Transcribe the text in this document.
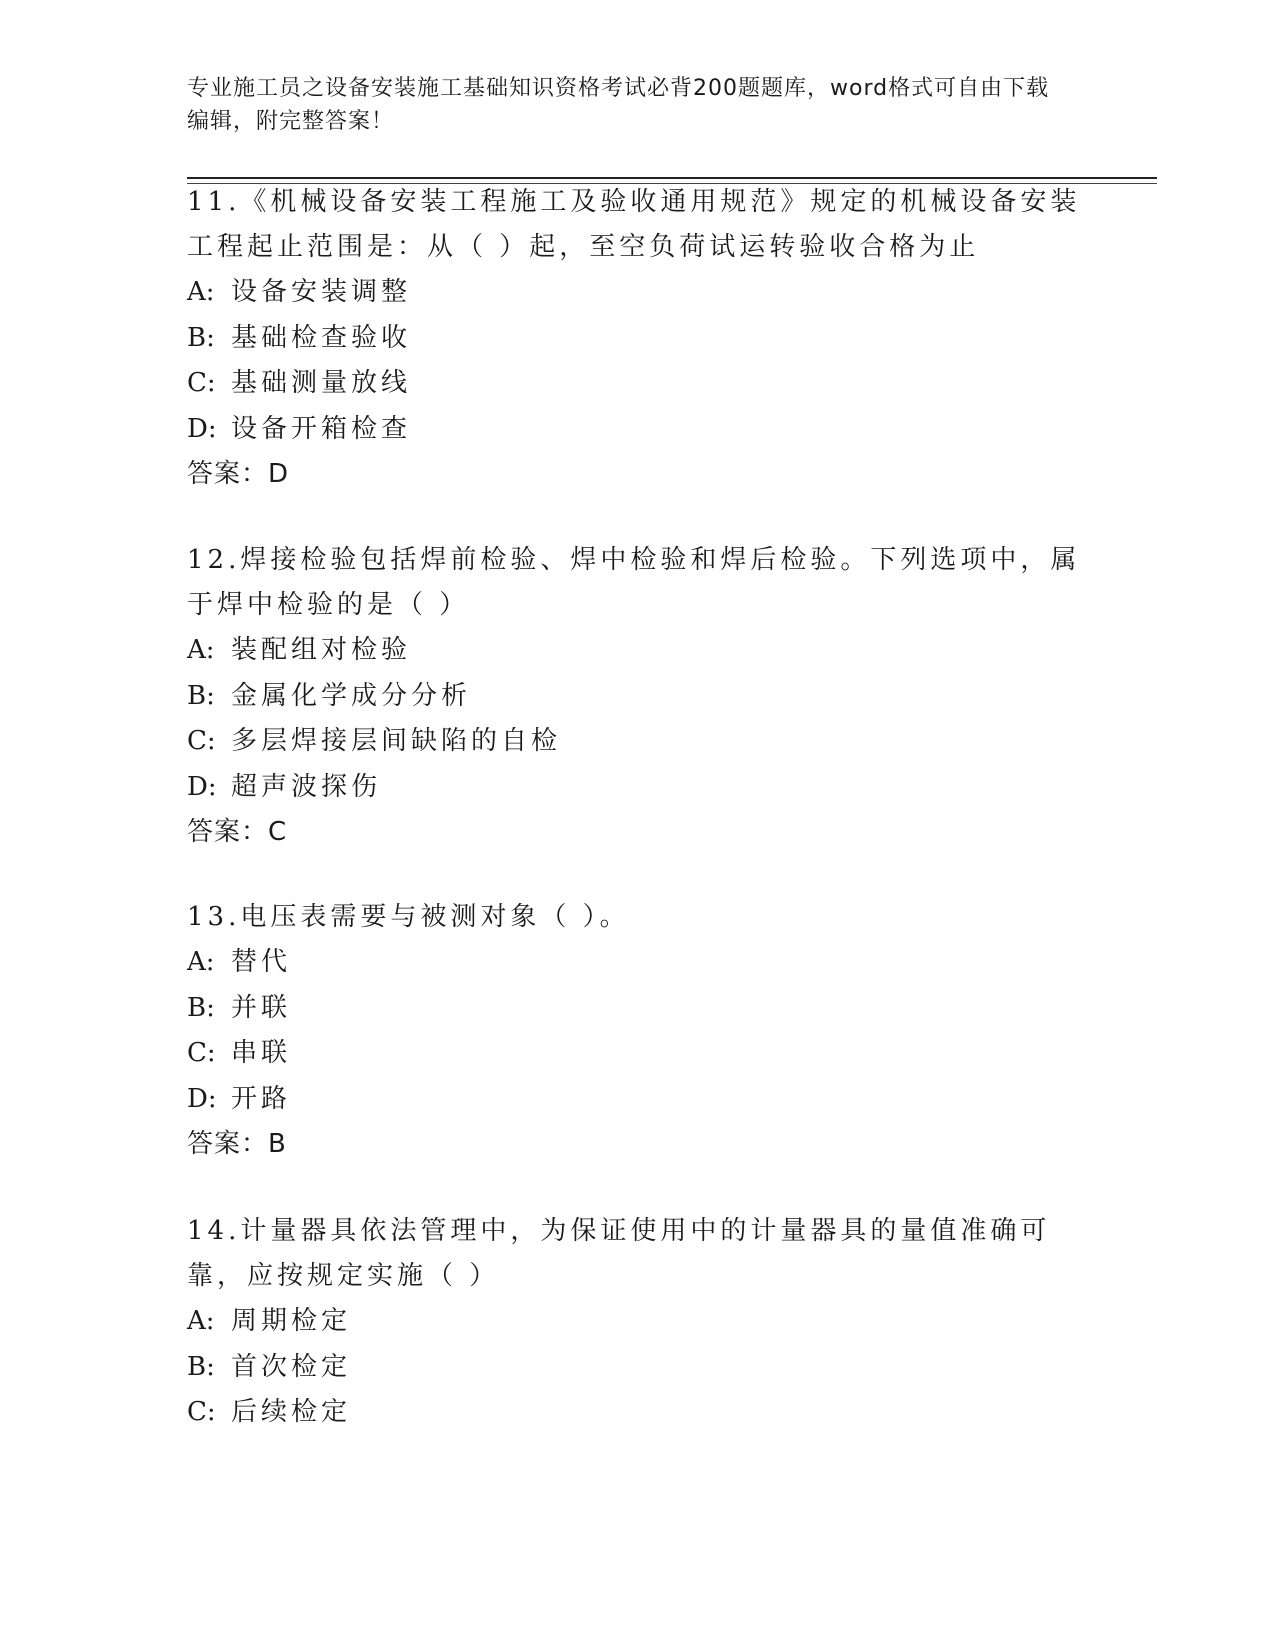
专业施工员之设备安装施工基础知识资格考试必背200题题库，word格式可自由下载编辑，附完整答案！
11.《机械设备安装工程施工及验收通用规范》规定的机械设备安装工程起止范围是：从（ ）起，至空负荷试运转验收合格为止
A: 设备安装调整
B: 基础检查验收
C: 基础测量放线
D: 设备开箱检查
答案：D
12.焊接检验包括焊前检验、焊中检验和焊后检验。下列选项中，属于焊中检验的是（ ）
A: 装配组对检验
B: 金属化学成分分析
C: 多层焊接层间缺陷的自检
D: 超声波探伤
答案：C
13.电压表需要与被测对象（ ）。
A: 替代
B: 并联
C: 串联
D: 开路
答案：B
14.计量器具依法管理中，为保证使用中的计量器具的量值准确可靠，应按规定实施（ ）
A: 周期检定
B: 首次检定
C: 后续检定
